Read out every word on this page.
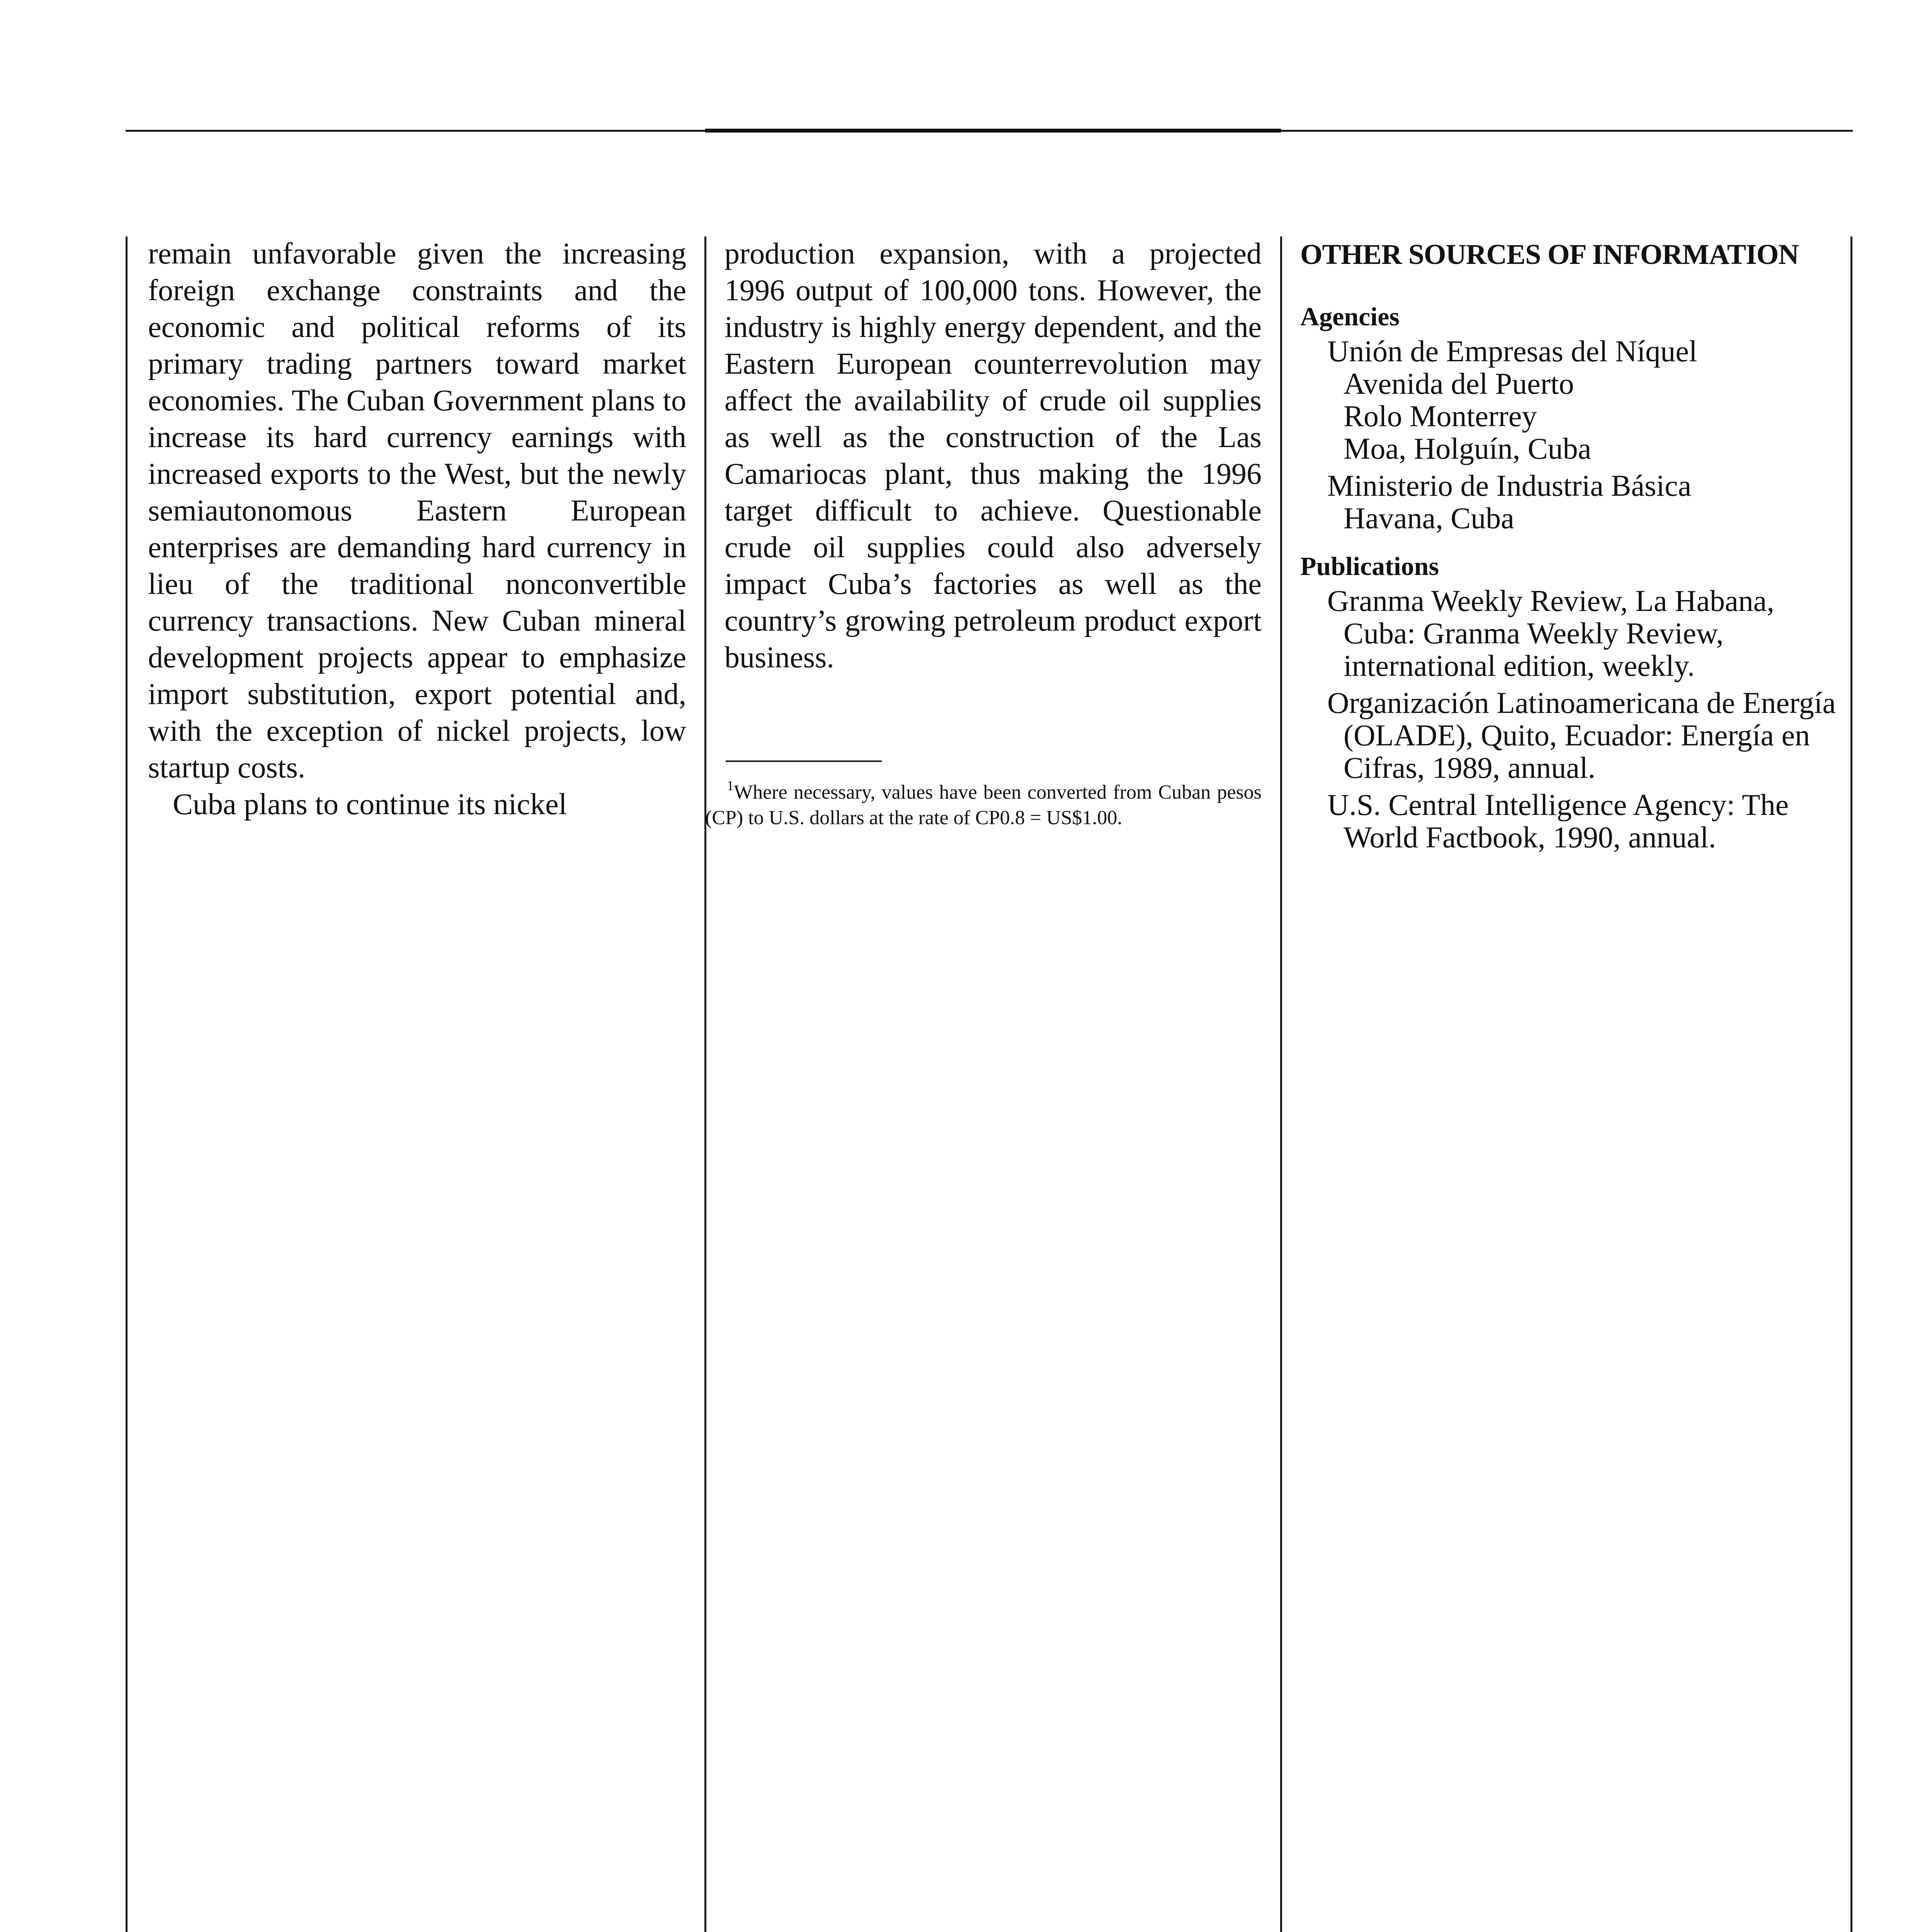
remain unfavorable given the increasing foreign exchange constraints and the economic and political reforms of its primary trading partners toward market economies. The Cuban Government plans to increase its hard currency earnings with increased exports to the West, but the newly semiautonomous Eastern European enterprises are demanding hard currency in lieu of the traditional nonconvertible currency transactions. New Cuban mineral development projects appear to emphasize import substitution, export potential and, with the exception of nickel projects, low startup costs.

Cuba plans to continue its nickel

production expansion, with a projected 1996 output of 100,000 tons. However, the industry is highly energy dependent, and the Eastern European counterrevolution may affect the availability of crude oil supplies as well as the construction of the Las Camariocas plant, thus making the 1996 target difficult to achieve. Questionable crude oil supplies could also adversely impact Cuba’s factories as well as the country’s growing petroleum product export business.

$^1$Where necessary, values have been converted from Cuban pesos (CP) to U.S. dollars at the rate of CP0.8 = US$1.00.

OTHER SOURCES OF INFORMATION
Agencies
Unión de Empresas del Níquel
Avenida del Puerto
Rolo Monterrey
Moa, Holguín, Cuba
Ministerio de Industria Básica
Havana, Cuba
Publications
Granma Weekly Review, La Habana, Cuba: Granma Weekly Review, international edition, weekly.
Organización Latinoamericana de Energía (OLADE), Quito, Ecuador: Energía en Cifras, 1989, annual.
U.S. Central Intelligence Agency: The World Factbook, 1990, annual.
